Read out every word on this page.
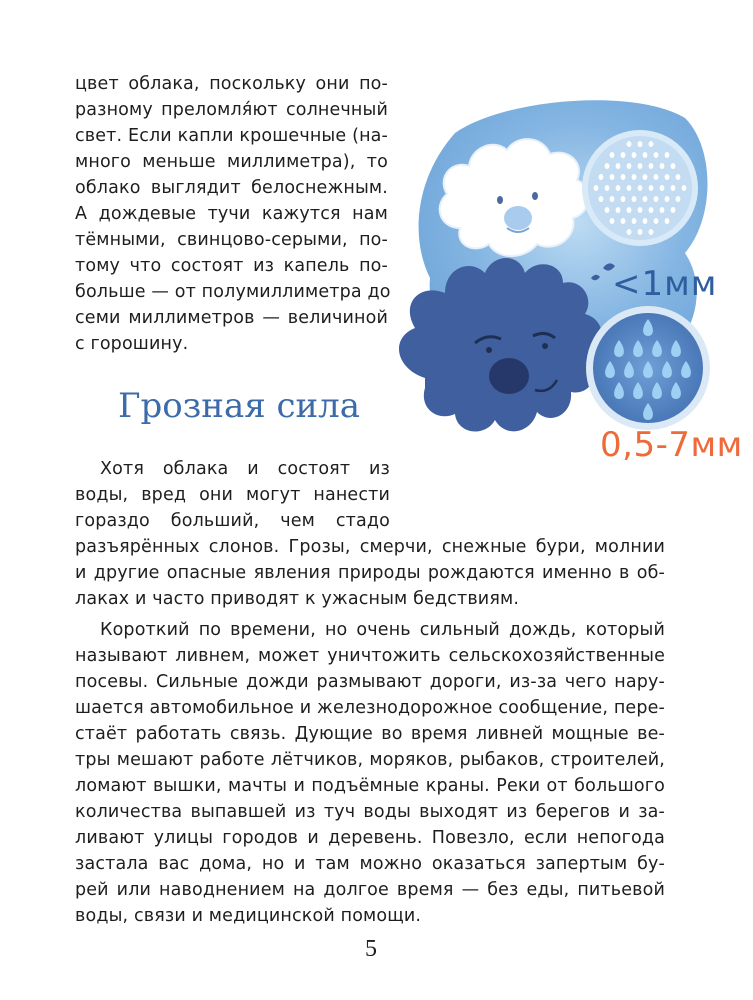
цвет облака, поскольку они по-
разному преломля́ют солнечный
свет. Если капли крошечные (на-
много меньше миллиметра), то
облако выглядит белоснежным.
А дождевые тучи кажутся нам
тёмными, свинцово-серыми, по-
тому что состоят из капель по-
больше — от полумиллиметра до
семи миллиметров — величиной
с горошину.
Грозная сила
Хотя облака и состоят из
воды, вред они могут нанести
гораздо больший, чем стадо
разъярённых слонов. Грозы, смерчи, снежные бури, молнии
и другие опасные явления природы рождаются именно в об-
лаках и часто приводят к ужасным бедствиям.
Короткий по времени, но очень сильный дождь, который
называют ливнем, может уничтожить сельскохозяйственные
посевы. Сильные дожди размывают дороги, из-за чего нару-
шается автомобильное и железнодорожное сообщение, пере-
стаёт работать связь. Дующие во время ливней мощные ве-
тры мешают работе лётчиков, моряков, рыбаков, строителей,
ломают вышки, мачты и подъёмные краны. Реки от большого
количества выпавшей из туч воды выходят из берегов и за-
ливают улицы городов и деревень. Повезло, если непогода
застала вас дома, но и там можно оказаться запертым бу-
рей или наводнением на долгое время — без еды, питьевой
воды, связи и медицинской помощи.
<1мм
0,5-7мм
5
